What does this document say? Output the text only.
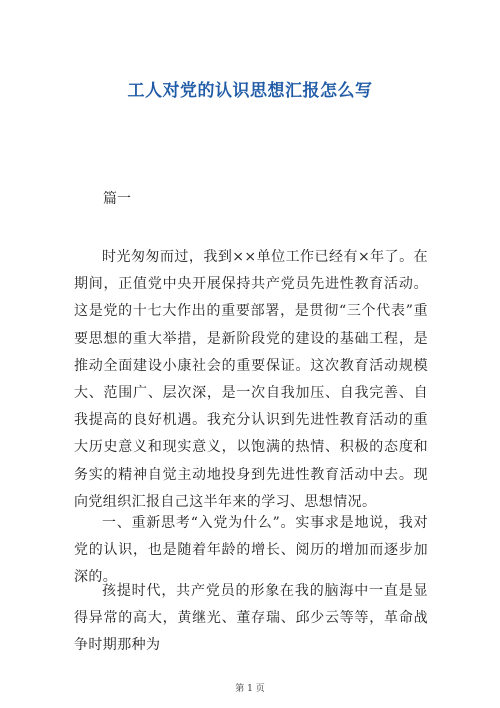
工人对党的认识思想汇报怎么写
篇一

时光匆匆而过，我到××单位工作已经有×年了。在期间，正值党中央开展保持共产党员先进性教育活动。这是党的十七大作出的重要部署，是贯彻“三个代表”重要思想的重大举措，是新阶段党的建设的基础工程，是推动全面建设小康社会的重要保证。这次教育活动规模大、范围广、层次深，是一次自我加压、自我完善、自我提高的良好机遇。我充分认识到先进性教育活动的重大历史意义和现实意义，以饱满的热情、积极的态度和务实的精神自觉主动地投身到先进性教育活动中去。现向党组织汇报自己这半年来的学习、思想情况。

一、重新思考“入党为什么”。实事求是地说，我对党的认识，也是随着年龄的增长、阅历的增加而逐步加深的。

孩提时代，共产党员的形象在我的脑海中一直是显得异常的高大，黄继光、董存瑞、邱少云等等，革命战争时期那种为

第 1 页
